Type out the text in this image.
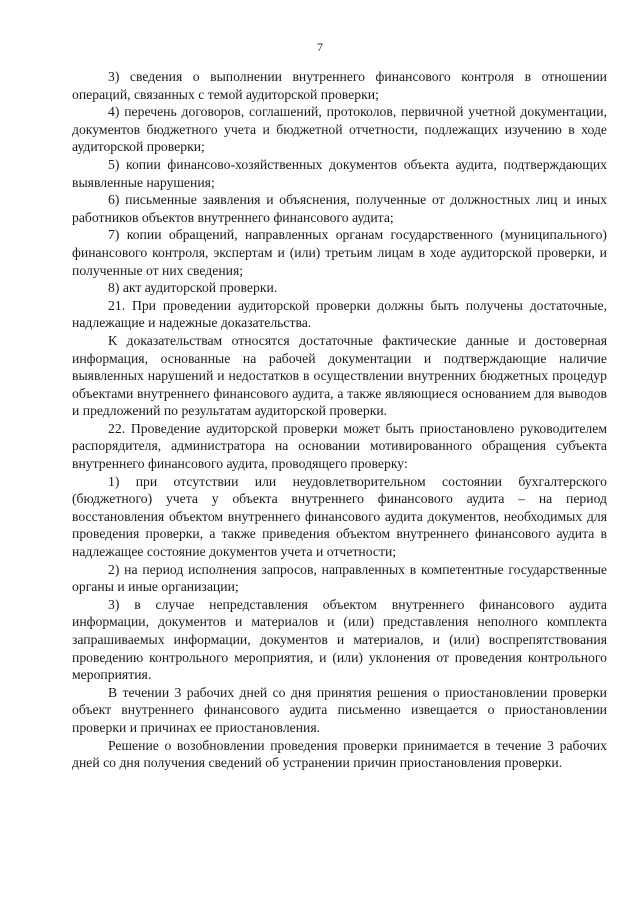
7

3) сведения о выполнении внутреннего финансового контроля в отношении операций, связанных с темой аудиторской проверки;

4) перечень договоров, соглашений, протоколов, первичной учетной документации, документов бюджетного учета и бюджетной отчетности, подлежащих изучению в ходе аудиторской проверки;

5) копии финансово-хозяйственных документов объекта аудита, подтверждающих выявленные нарушения;

6) письменные заявления и объяснения, полученные от должностных лиц и иных работников объектов внутреннего финансового аудита;

7) копии обращений, направленных органам государственного (муниципального) финансового контроля, экспертам и (или) третьим лицам в ходе аудиторской проверки, и полученные от них сведения;

8) акт аудиторской проверки.

21. При проведении аудиторской проверки должны быть получены достаточные, надлежащие и надежные доказательства.

К доказательствам относятся достаточные фактические данные и достоверная информация, основанные на рабочей документации и подтверждающие наличие выявленных нарушений и недостатков в осуществлении внутренних бюджетных процедур объектами внутреннего финансового аудита, а также являющиеся основанием для выводов и предложений по результатам аудиторской проверки.

22. Проведение аудиторской проверки может быть приостановлено руководителем распорядителя, администратора на основании мотивированного обращения субъекта внутреннего финансового аудита, проводящего проверку:

1) при отсутствии или неудовлетворительном состоянии бухгалтерского (бюджетного) учета у объекта внутреннего финансового аудита – на период восстановления объектом внутреннего финансового аудита документов, необходимых для проведения проверки, а также приведения объектом внутреннего финансового аудита в надлежащее состояние документов учета и отчетности;

2) на период исполнения запросов, направленных в компетентные государственные органы и иные организации;

3) в случае непредставления объектом внутреннего финансового аудита информации, документов и материалов и (или) представления неполного комплекта запрашиваемых информации, документов и материалов, и (или) воспрепятствования проведению контрольного мероприятия, и (или) уклонения от проведения контрольного мероприятия.

В течении 3 рабочих дней со дня принятия решения о приостановлении проверки объект внутреннего финансового аудита письменно извещается о приостановлении проверки и причинах ее приостановления.

Решение о возобновлении проведения проверки принимается в течение 3 рабочих дней со дня получения сведений об устранении причин приостановления проверки.
